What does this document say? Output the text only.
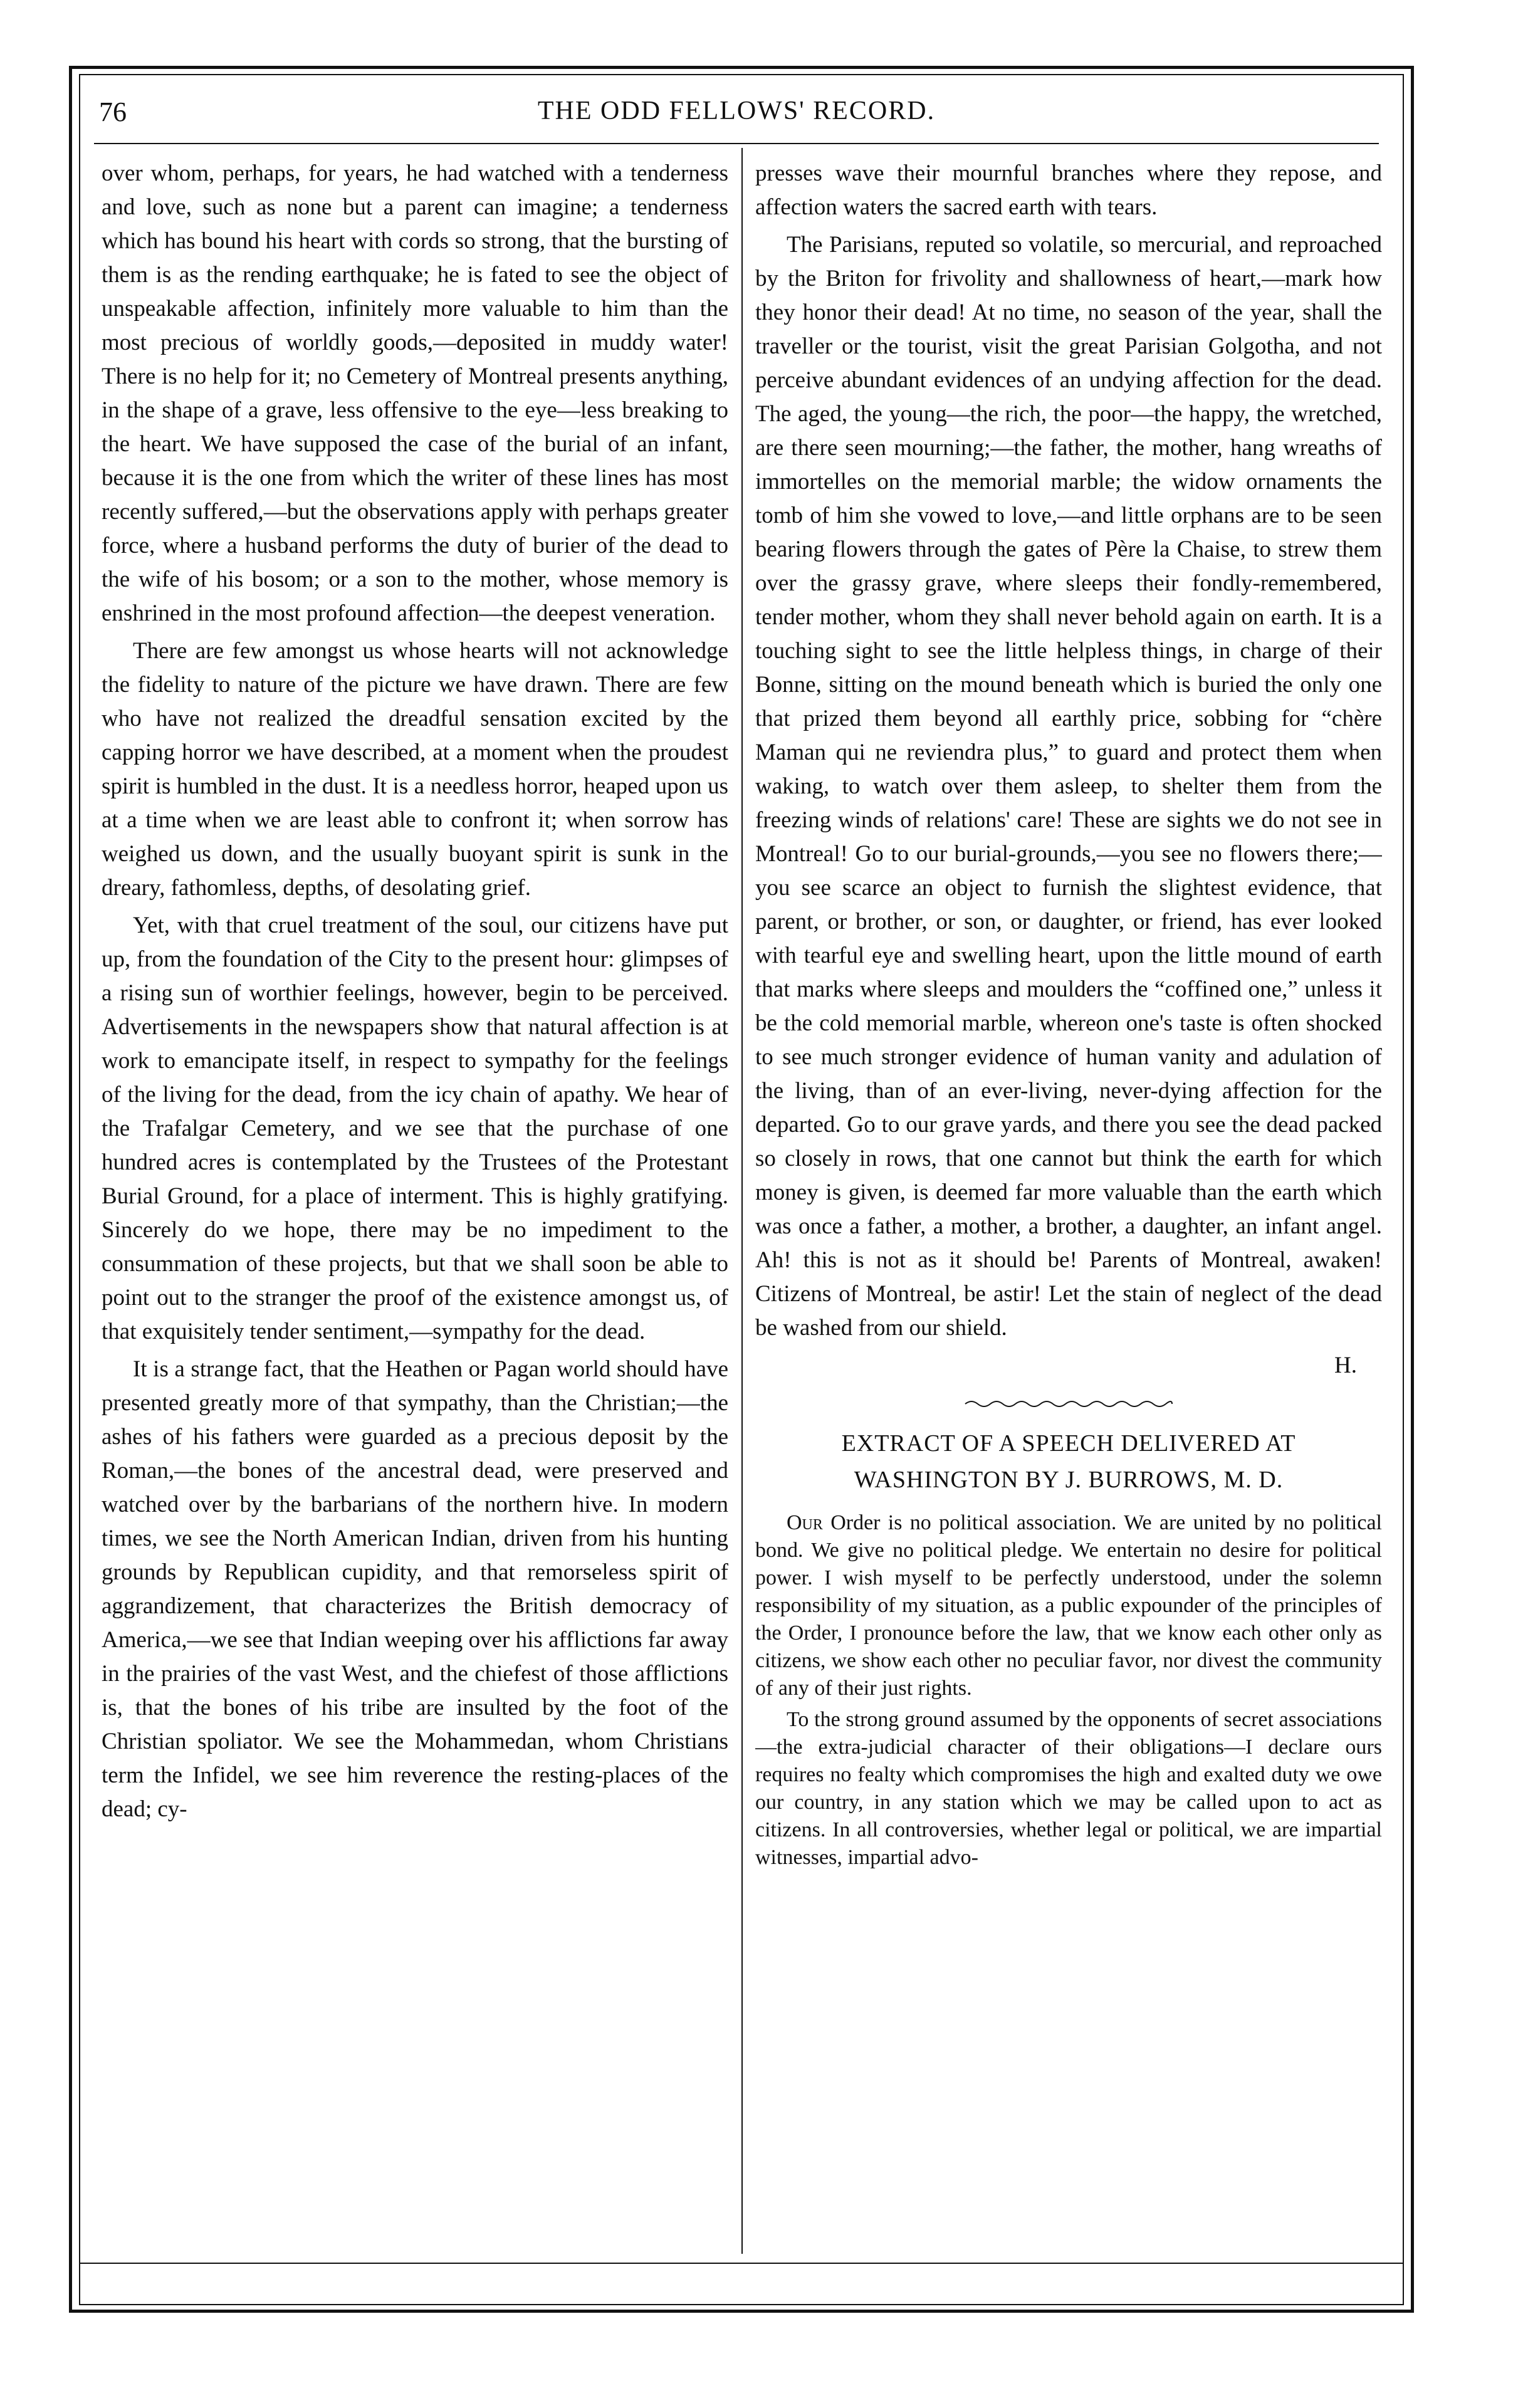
76	THE ODD FELLOWS' RECORD.

over whom, perhaps, for years, he had watched with a tenderness and love, such as none but a parent can imagine; a tenderness which has bound his heart with cords so strong, that the bursting of them is as the rending earthquake; he is fated to see the object of unspeakable affection, infinitely more valuable to him than the most precious of worldly goods,—deposited in muddy water! There is no help for it; no Cemetery of Montreal presents anything, in the shape of a grave, less offensive to the eye—less breaking to the heart. We have supposed the case of the burial of an infant, because it is the one from which the writer of these lines has most recently suffered,—but the observations apply with perhaps greater force, where a husband performs the duty of burier of the dead to the wife of his bosom; or a son to the mother, whose memory is enshrined in the most profound affection—the deepest veneration.

There are few amongst us whose hearts will not acknowledge the fidelity to nature of the picture we have drawn. There are few who have not realized the dreadful sensation excited by the capping horror we have described, at a moment when the proudest spirit is humbled in the dust. It is a needless horror, heaped upon us at a time when we are least able to confront it; when sorrow has weighed us down, and the usually buoyant spirit is sunk in the dreary, fathomless, depths, of desolating grief.

Yet, with that cruel treatment of the soul, our citizens have put up, from the foundation of the City to the present hour: glimpses of a rising sun of worthier feelings, however, begin to be perceived. Advertisements in the newspapers show that natural affection is at work to emancipate itself, in respect to sympathy for the feelings of the living for the dead, from the icy chain of apathy. We hear of the Trafalgar Cemetery, and we see that the purchase of one hundred acres is contemplated by the Trustees of the Protestant Burial Ground, for a place of interment. This is highly gratifying. Sincerely do we hope, there may be no impediment to the consummation of these projects, but that we shall soon be able to point out to the stranger the proof of the existence amongst us, of that exquisitely tender sentiment,—sympathy for the dead.

It is a strange fact, that the Heathen or Pagan world should have presented greatly more of that sympathy, than the Christian;—the ashes of his fathers were guarded as a precious deposit by the Roman,—the bones of the ancestral dead, were preserved and watched over by the barbarians of the northern hive. In modern times, we see the North American Indian, driven from his hunting grounds by Republican cupidity, and that remorseless spirit of aggrandizement, that characterizes the British democracy of America,—we see that Indian weeping over his afflictions far away in the prairies of the vast West, and the chiefest of those afflictions is, that the bones of his tribe are insulted by the foot of the Christian spoliator. We see the Mohammedan, whom Christians term the Infidel, we see him reverence the resting-places of the dead; cy-

presses wave their mournful branches where they repose, and affection waters the sacred earth with tears.

The Parisians, reputed so volatile, so mercurial, and reproached by the Briton for frivolity and shallowness of heart,—mark how they honor their dead! At no time, no season of the year, shall the traveller or the tourist, visit the great Parisian Golgotha, and not perceive abundant evidences of an undying affection for the dead. The aged, the young—the rich, the poor—the happy, the wretched, are there seen mourning;—the father, the mother, hang wreaths of immortelles on the memorial marble; the widow ornaments the tomb of him she vowed to love,—and little orphans are to be seen bearing flowers through the gates of Père la Chaise, to strew them over the grassy grave, where sleeps their fondly-remembered, tender mother, whom they shall never behold again on earth. It is a touching sight to see the little helpless things, in charge of their Bonne, sitting on the mound beneath which is buried the only one that prized them beyond all earthly price, sobbing for “chère Maman qui ne reviendra plus,” to guard and protect them when waking, to watch over them asleep, to shelter them from the freezing winds of relations' care! These are sights we do not see in Montreal! Go to our burial-grounds,—you see no flowers there;—you see scarce an object to furnish the slightest evidence, that parent, or brother, or son, or daughter, or friend, has ever looked with tearful eye and swelling heart, upon the little mound of earth that marks where sleeps and moulders the “coffined one,” unless it be the cold memorial marble, whereon one's taste is often shocked to see much stronger evidence of human vanity and adulation of the living, than of an ever-living, never-dying affection for the departed. Go to our grave yards, and there you see the dead packed so closely in rows, that one cannot but think the earth for which money is given, is deemed far more valuable than the earth which was once a father, a mother, a brother, a daughter, an infant angel. Ah! this is not as it should be! Parents of Montreal, awaken! Citizens of Montreal, be astir! Let the stain of neglect of the dead be washed from our shield.

H.
EXTRACT OF A SPEECH DELIVERED AT
WASHINGTON BY J. BURROWS, M. D.

Our Order is no political association. We are united by no political bond. We give no political pledge. We entertain no desire for political power. I wish myself to be perfectly understood, under the solemn responsibility of my situation, as a public expounder of the principles of the Order, I pronounce before the law, that we know each other only as citizens, we show each other no peculiar favor, nor divest the community of any of their just rights.

To the strong ground assumed by the opponents of secret associations—the extra-judicial character of their obligations—I declare ours requires no fealty which compromises the high and exalted duty we owe our country, in any station which we may be called upon to act as citizens. In all controversies, whether legal or political, we are impartial witnesses, impartial advo-
